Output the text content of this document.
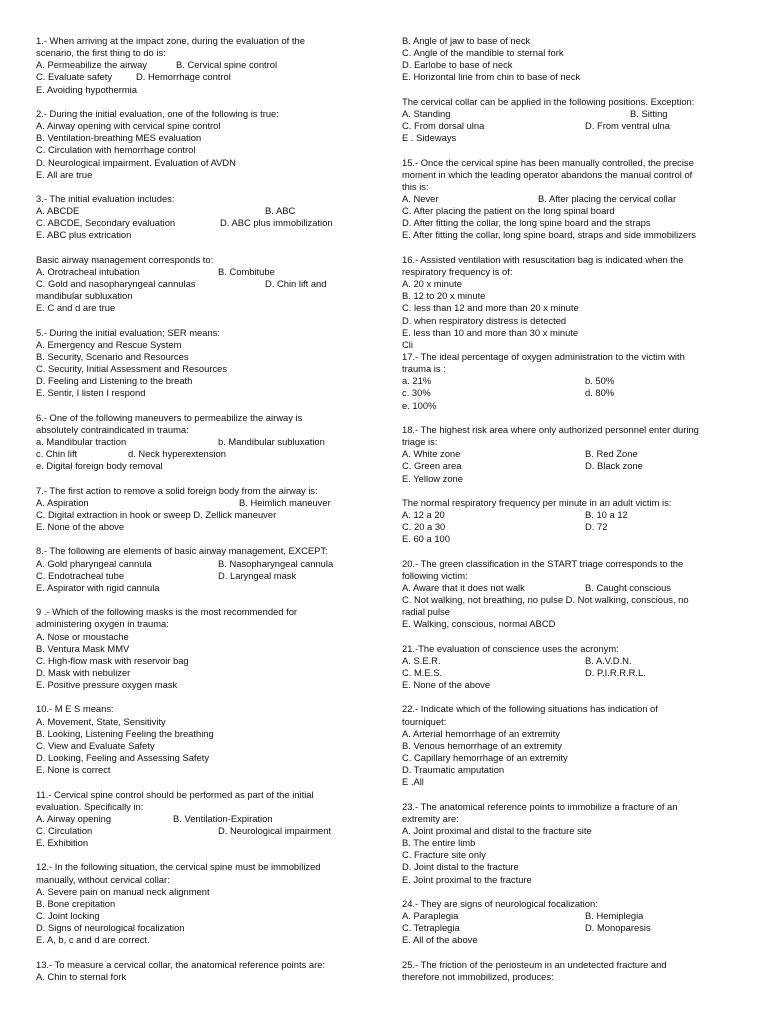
1.- When arriving at the impact zone, during the evaluation of the
scenario, the first thing to do is:
A. Permeabilize the airway	B. Cervical spine control
C. Evaluate safety	D. Hemorrhage control
E. Avoiding hypothermia
2.- During the initial evaluation, one of the following is true:
A. Airway opening with cervical spine control
B. Ventilation-breathing MES evaluation
C. Circulation with hemorrhage control
D. Neurological impairment. Evaluation of AVDN
E. All are true
3.- The initial evaluation includes:
A. ABCDE	B. ABC
C. ABCDE, Secondary evaluation	D. ABC plus immobilization
E. ABC plus extrication
Basic airway management corresponds to:
A. Orotracheal intubation	B. Combitube
C. Gold and nasopharyngeal cannulas	D. Chin lift and
mandibular subluxation
E. C and d are true
5.- During the initial evaluation; SER means:
A. Emergency and Rescue System
B. Security, Scenario and Resources
C. Security, Initial Assessment and Resources
D. Feeling and Listening to the breath
E. Sentir, I listen I respond
6.- One of the following maneuvers to permeabilize the airway is
absolutely contraindicated in trauma:
a. Mandibular traction	b. Mandibular subluxation
c. Chin lift	d. Neck hyperextension
e. Digital foreign body removal
7.- The first action to remove a solid foreign body from the airway is:
A. Aspiration	B. Heimlich maneuver
C. Digital extraction in hook or sweep D. Zellick maneuver
E. None of the above
8.- The following are elements of basic airway management, EXCEPT:
A. Gold pharyngeal cannula	B. Nasopharyngeal cannula
C. Endotracheal tube	D. Laryngeal mask
E. Aspirator with rigid cannula
9 .- Which of the following masks is the most recommended for
administering oxygen in trauma:
A. Nose or moustache
B. Ventura Mask MMV
C. High-flow mask with reservoir bag
D. Mask with nebulizer
E. Positive pressure oxygen mask
10.- M E S means:
A. Movement, State, Sensitivity
B. Looking, Listening Feeling the breathing
C. View and Evaluate Safety
D. Looking, Feeling and Assessing Safety
E. None is correct
11.- Cervical spine control should be performed as part of the initial
evaluation. Specifically in:
A. Airway opening	B. Ventilation-Expiration
C. Circulation	D. Neurological impairment
E. Exhibition
12.- In the following situation, the cervical spine must be immobilized
manually, without cervical collar:
A. Severe pain on manual neck alignment
B. Bone crepitation
C. Joint locking
D. Signs of neurological focalization
E. A, b, c and d are correct.
13.- To measure a cervical collar, the anatomical reference points are:
A. Chin to sternal fork
B. Angle of jaw to base of neck
C. Angle of the mandible to sternal fork
D. Earlobe to base of neck
E. Horizontal line from chin to base of neck
The cervical collar can be applied in the following positions. Exception:
A. Standing	B. Sitting
C. From dorsal ulna	D. From ventral ulna
E . Sideways
15.- Once the cervical spine has been manually controlled, the precise
moment in which the leading operator abandons the manual control of
this is:
A. Never	B. After placing the cervical collar
C. After placing the patient on the long spinal board
D. After fitting the collar, the long spine board and the straps
E. After fitting the collar, long spine board, straps and side immobilizers
16.- Assisted ventilation with resuscitation bag is indicated when the
respiratory frequency is of:
A. 20 x minute
B. 12 to 20 x minute
C. less than 12 and more than 20 x minute
D. when respiratory distress is detected
E. less than 10 and more than 30 x minute
Cli
17.- The ideal percentage of oxygen administration to the victim with
trauma is :
a. 21%	b. 50%
c. 30%	d. 80%
e. 100%
18.- The highest risk area where only authorized personnel enter during
triage is:
A. White zone	B. Red Zone
C. Green area	D. Black zone
E. Yellow zone
The normal respiratory frequency per minute in an adult victim is:
A. 12 a 20	B. 10 a 12
C. 20 a 30	D. 72
E. 60 a 100
20.- The green classification in the START triage corresponds to the
following victim:
A. Aware that it does not walk	B. Caught conscious
C. Not walking, not breathing, no pulse D. Not walking, conscious, no
radial pulse
E. Walking, conscious, normal ABCD
21.-The evaluation of conscience uses the acronym:
A. S.E.R.	B. A.V.D.N.
C. M.E.S.	D. P.I.R.R.R.L.
E. None of the above
22.- Indicate which of the following situations has indication of
tourniquet:
A. Arterial hemorrhage of an extremity
B. Venous hemorrhage of an extremity
C. Capillary hemorrhage of an extremity
D. Traumatic amputation
E .All
23.- The anatomical reference points to immobilize a fracture of an
extremity are:
A. Joint proximal and distal to the fracture site
B. The entire limb
C. Fracture site only
D. Joint distal to the fracture
E. Joint proximal to the fracture
24.- They are signs of neurological focalization:
A. Paraplegia	B. Hemiplegia
C. Tetraplegia	D. Monoparesis
E. All of the above
25.- The friction of the periosteum in an undetected fracture and
therefore not immobilized, produces:
